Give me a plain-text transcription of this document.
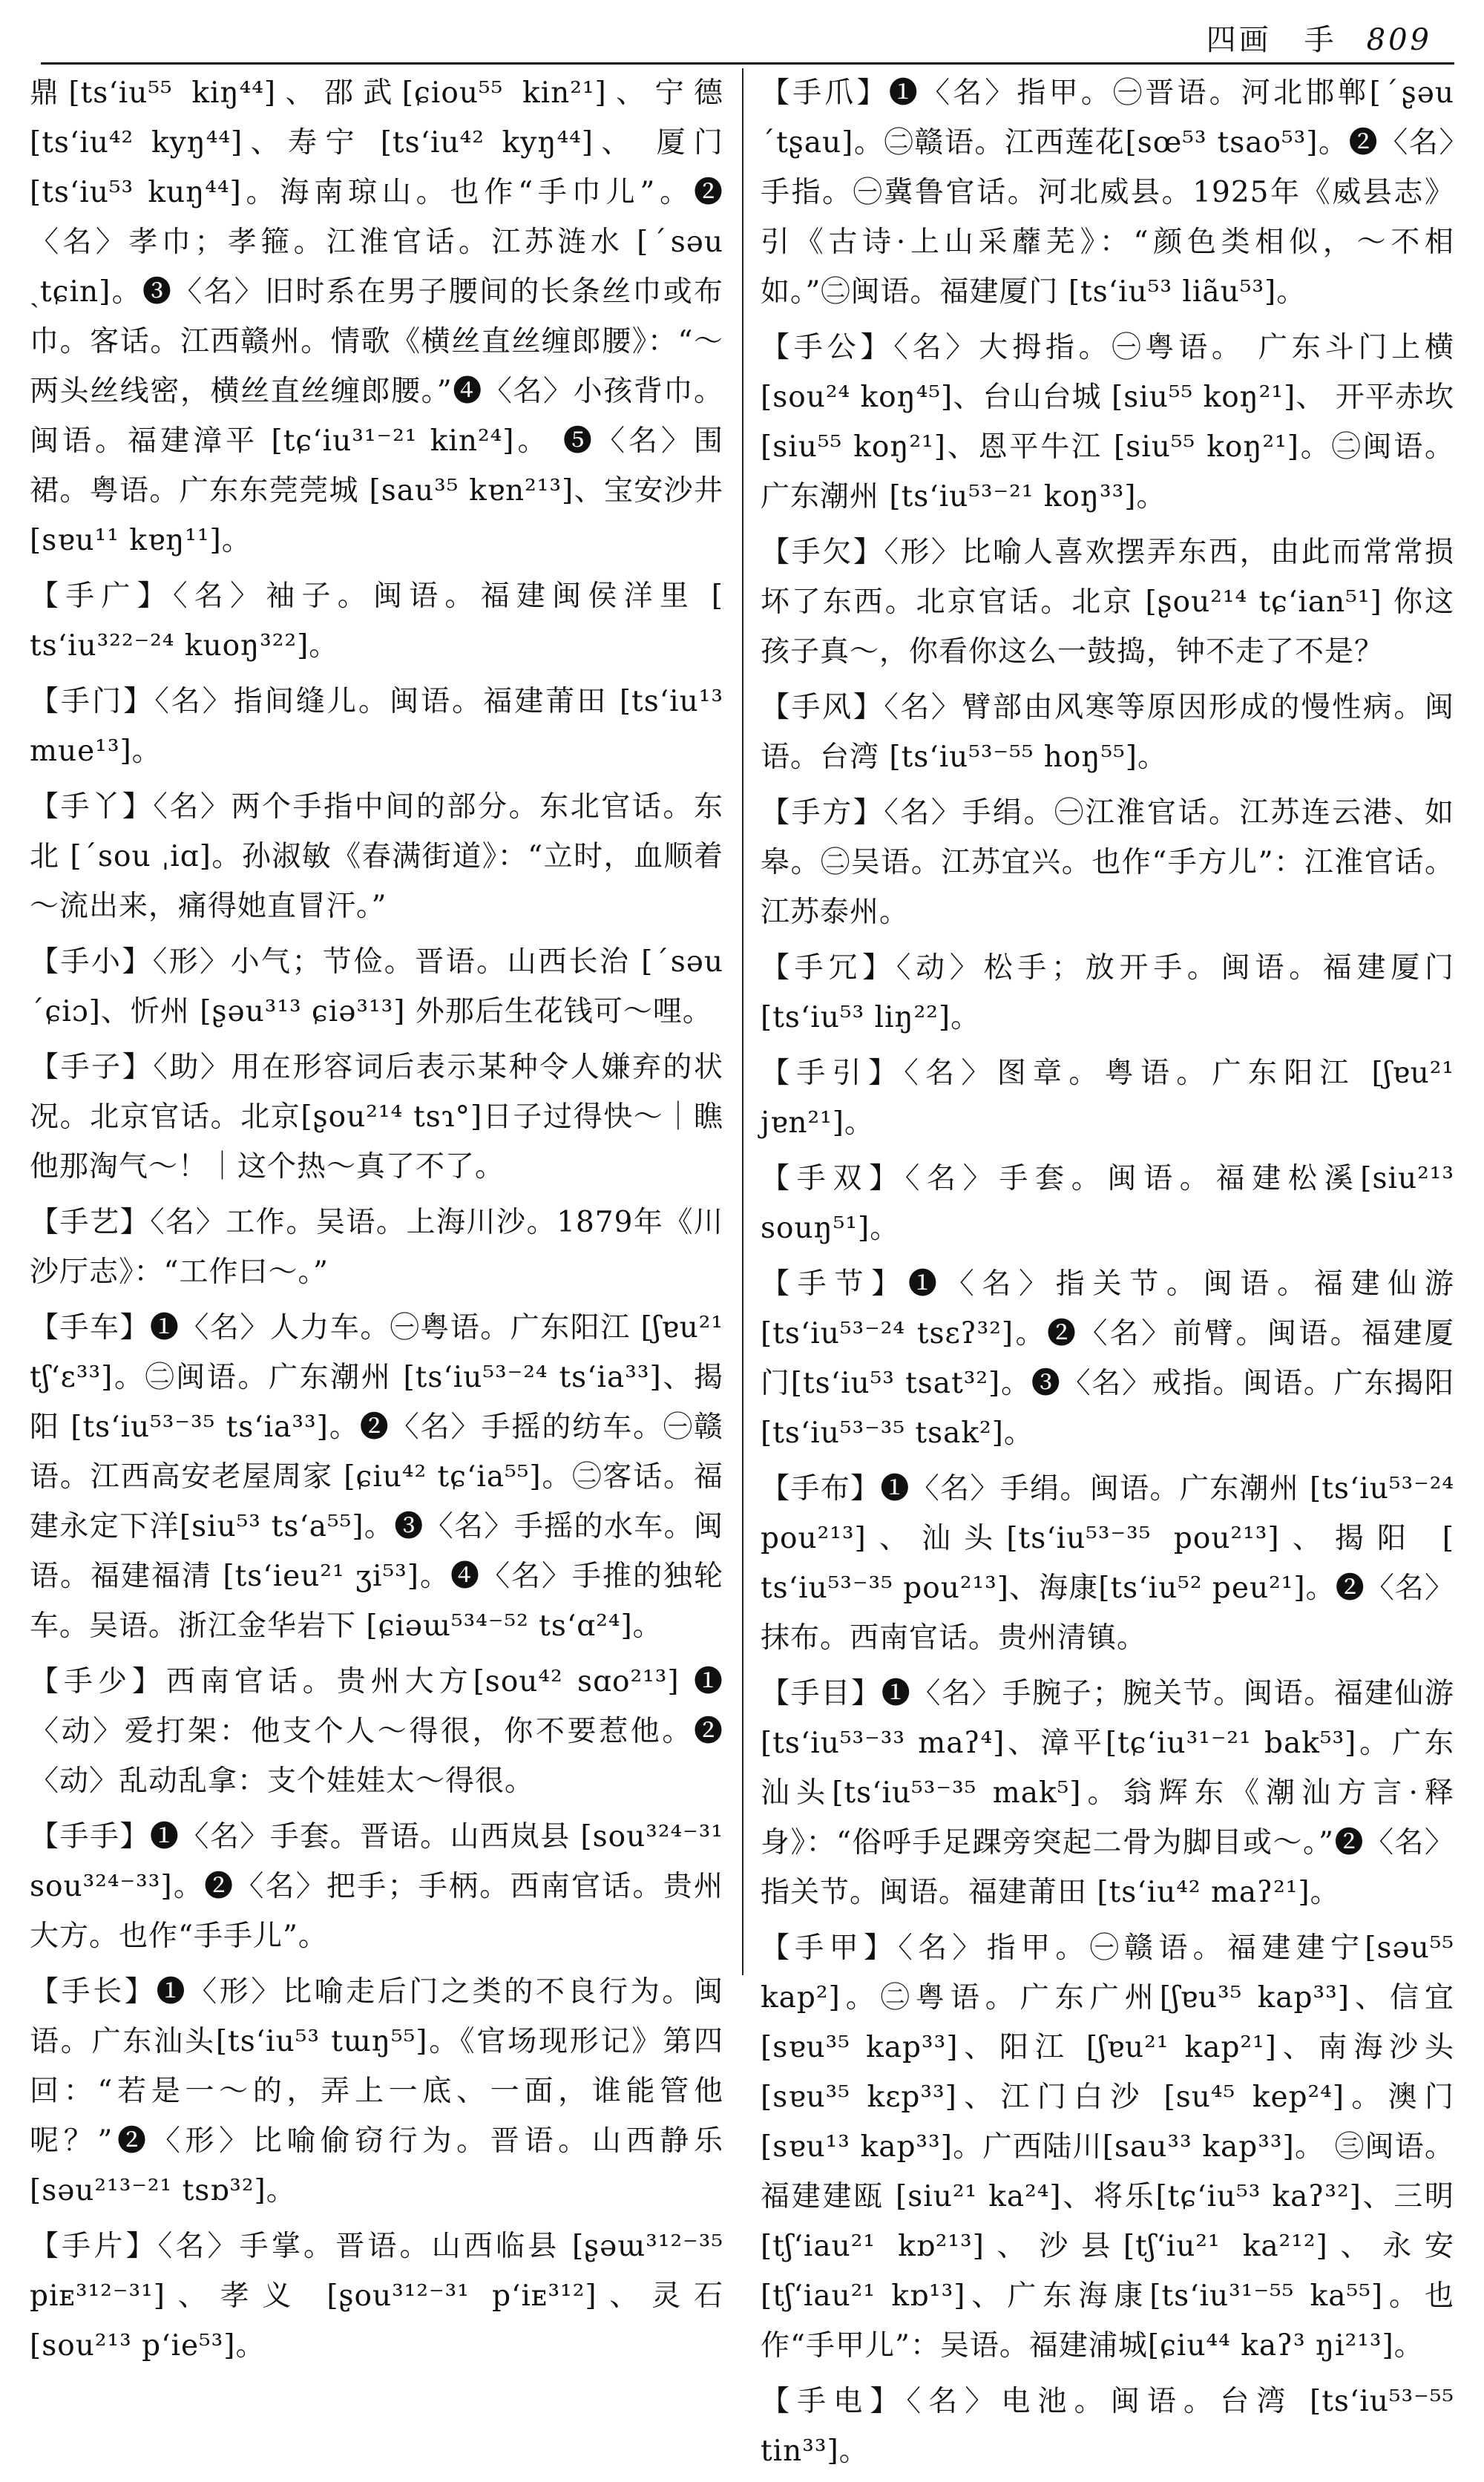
四画　手 809
鼎[ts‘iu⁵⁵ kiŋ⁴⁴]、邵武[ɕiou⁵⁵ kin²¹]、宁德[ts‘iu⁴² kyŋ⁴⁴]、寿宁 [ts‘iu⁴² kyŋ⁴⁴]、 厦门 [ts‘iu⁵³ kuŋ⁴⁴]。海南琼山。也作“手巾儿”。❷〈名〉孝巾；孝箍。江淮官话。江苏涟水 [ˊsəu ˏtɕin]。❸〈名〉旧时系在男子腰间的长条丝巾或布巾。客话。江西赣州。情歌《横丝直丝缠郎腰》：“～两头丝线密，横丝直丝缠郎腰。”❹〈名〉小孩背巾。闽语。福建漳平 [tɕ‘iu³¹⁻²¹ kin²⁴]。 ❺〈名〉围裙。粤语。广东东莞莞城 [sau³⁵ kɐn²¹³]、宝安沙井 [sɐu¹¹ kɐŋ¹¹]。
【手广】〈名〉袖子。闽语。福建闽侯洋里 [ ts‘iu³²²⁻²⁴ kuoŋ³²²]。
【手门】〈名〉指间缝儿。闽语。福建莆田 [ts‘iu¹³ mue¹³]。
【手丫】〈名〉两个手指中间的部分。东北官话。东北 [ˊsou ˌiɑ]。孙淑敏《春满街道》：“立时，血顺着～流出来，痛得她直冒汗。”
【手小】〈形〉小气；节俭。晋语。山西长治 [ˊsəu ˊɕiɔ]、忻州 [ʂəu³¹³ ɕiə³¹³] 外那后生花钱可～哩。
【手子】〈助〉用在形容词后表示某种令人嫌弃的状况。北京官话。北京[ʂou²¹⁴ tsɿ°]日子过得快～｜瞧他那淘气～！｜这个热～真了不了。
【手艺】〈名〉工作。吴语。上海川沙。1879年《川沙厅志》：“工作曰～。”
【手车】❶〈名〉人力车。㊀粤语。广东阳江 [ʃɐu²¹ tʃ‘ɛ³³]。㊁闽语。广东潮州 [ts‘iu⁵³⁻²⁴ ts‘ia³³]、揭阳 [ts‘iu⁵³⁻³⁵ ts‘ia³³]。❷〈名〉手摇的纺车。㊀赣语。江西高安老屋周家 [ɕiu⁴² tɕ‘ia⁵⁵]。㊁客话。福建永定下洋[siu⁵³ ts‘a⁵⁵]。❸〈名〉手摇的水车。闽语。福建福清 [ts‘ieu²¹ ʒi⁵³]。❹〈名〉手推的独轮车。吴语。浙江金华岩下 [ɕiəɯ⁵³⁴⁻⁵² ts‘ɑ²⁴]。
【手少】西南官话。贵州大方[sou⁴² sɑo²¹³] ❶〈动〉爱打架：他支个人～得很，你不要惹他。❷〈动〉乱动乱拿：支个娃娃太～得很。
【手手】❶〈名〉手套。晋语。山西岚县 [sou³²⁴⁻³¹ sou³²⁴⁻³³]。❷〈名〉把手；手柄。西南官话。贵州大方。也作“手手儿”。
【手长】❶〈形〉比喻走后门之类的不良行为。闽语。广东汕头[ts‘iu⁵³ tɯŋ⁵⁵]。《官场现形记》第四回：“若是一～的，弄上一底、一面，谁能管他呢？”❷〈形〉比喻偷窃行为。晋语。山西静乐 [səu²¹³⁻²¹ tsɒ³²]。
【手片】〈名〉手掌。晋语。山西临县 [ʂəɯ³¹²⁻³⁵ piᴇ³¹²⁻³¹]、孝义 [ʂou³¹²⁻³¹ p‘iᴇ³¹²]、灵石 [sou²¹³ p‘ie⁵³]。
【手爪】❶〈名〉指甲。㊀晋语。河北邯郸[ˊʂəu ˊtʂau]。㊁赣语。江西莲花[sœ⁵³ tsao⁵³]。❷〈名〉手指。㊀冀鲁官话。河北威县。1925年《威县志》引《古诗·上山采蘼芜》：“颜色类相似，～不相如。”㊁闽语。福建厦门 [ts‘iu⁵³ liãu⁵³]。
【手公】〈名〉大拇指。㊀粤语。 广东斗门上横 [sou²⁴ koŋ⁴⁵]、台山台城 [siu⁵⁵ koŋ²¹]、 开平赤坎[siu⁵⁵ koŋ²¹]、恩平牛江 [siu⁵⁵ koŋ²¹]。㊁闽语。广东潮州 [ts‘iu⁵³⁻²¹ koŋ³³]。
【手欠】〈形〉比喻人喜欢摆弄东西，由此而常常损坏了东西。北京官话。北京 [ʂou²¹⁴ tɕ‘ian⁵¹] 你这孩子真～，你看你这么一鼓捣，钟不走了不是？
【手风】〈名〉臂部由风寒等原因形成的慢性病。闽语。台湾 [ts‘iu⁵³⁻⁵⁵ hoŋ⁵⁵]。
【手方】〈名〉手绢。㊀江淮官话。江苏连云港、如皋。㊁吴语。江苏宜兴。也作“手方儿”：江淮官话。江苏泰州。
【手冗】〈动〉松手；放开手。闽语。福建厦门 [ts‘iu⁵³ liŋ²²]。
【手引】〈名〉图章。粤语。广东阳江 [ʃɐu²¹ jɐn²¹]。
【手双】〈名〉手套。闽语。福建松溪[siu²¹³ souŋ⁵¹]。
【手节】❶〈名〉指关节。闽语。福建仙游 [ts‘iu⁵³⁻²⁴ tsɛʔ³²]。❷〈名〉前臂。闽语。福建厦门[ts‘iu⁵³ tsat³²]。❸〈名〉戒指。闽语。广东揭阳 [ts‘iu⁵³⁻³⁵ tsak²]。
【手布】❶〈名〉手绢。闽语。广东潮州 [ts‘iu⁵³⁻²⁴ pou²¹³]、汕头[ts‘iu⁵³⁻³⁵ pou²¹³]、揭阳 [ ts‘iu⁵³⁻³⁵ pou²¹³]、海康[ts‘iu⁵² peu²¹]。❷〈名〉抹布。西南官话。贵州清镇。
【手目】❶〈名〉手腕子；腕关节。闽语。福建仙游 [ts‘iu⁵³⁻³³ maʔ⁴]、漳平[tɕ‘iu³¹⁻²¹ bak⁵³]。广东汕头[ts‘iu⁵³⁻³⁵ mak⁵]。翁辉东《潮汕方言·释身》：“俗呼手足踝旁突起二骨为脚目或～。”❷〈名〉指关节。闽语。福建莆田 [ts‘iu⁴² maʔ²¹]。
【手甲】〈名〉指甲。㊀赣语。福建建宁[səu⁵⁵ kap²]。㊁粤语。广东广州[ʃɐu³⁵ kap³³]、信宜[sɐu³⁵ kap³³]、阳江 [ʃɐu²¹ kap²¹]、南海沙头[sɐu³⁵ kɛp³³]、江门白沙 [su⁴⁵ kep²⁴]。澳门[sɐu¹³ kap³³]。广西陆川[sau³³ kap³³]。 ㊂闽语。福建建瓯 [siu²¹ ka²⁴]、将乐[tɕ‘iu⁵³ kaʔ³²]、三明 [tʃ‘iau²¹ kɒ²¹³]、沙县[tʃ‘iu²¹ ka²¹²]、永安 [tʃ‘iau²¹ kɒ¹³]、广东海康[ts‘iu³¹⁻⁵⁵ ka⁵⁵]。也作“手甲儿”：吴语。福建浦城[ɕiu⁴⁴ kaʔ³ ŋi²¹³]。
【手电】〈名〉电池。闽语。台湾 [ts‘iu⁵³⁻⁵⁵ tin³³]。
